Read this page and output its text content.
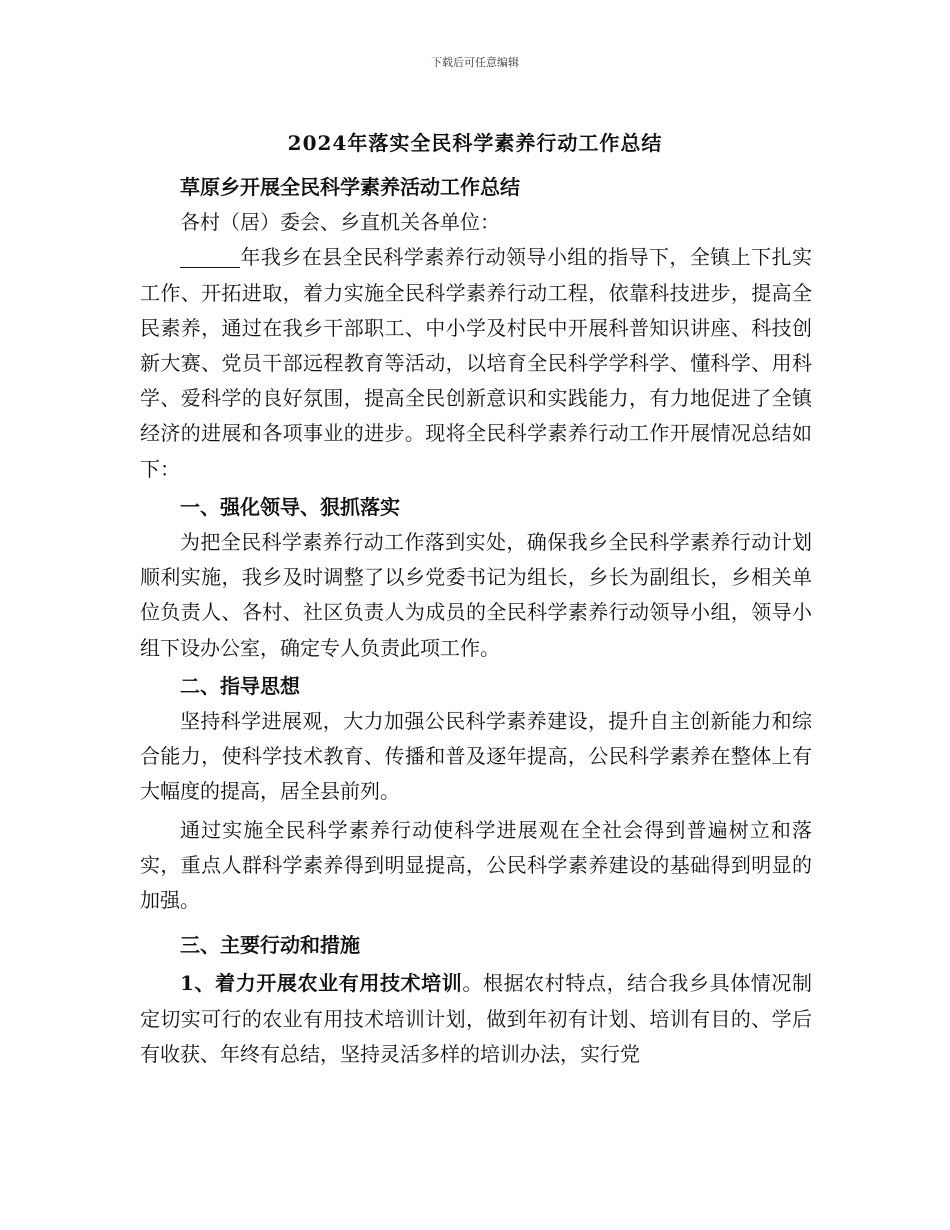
下载后可任意编辑
2024年落实全民科学素养行动工作总结

草原乡开展全民科学素养活动工作总结

各村（居）委会、乡直机关各单位：

年我乡在县全民科学素养行动领导小组的指导下，全镇上下扎实工作、开拓进取，着力实施全民科学素养行动工程，依靠科技进步，提高全民素养，通过在我乡干部职工、中小学及村民中开展科普知识讲座、科技创新大赛、党员干部远程教育等活动，以培育全民科学学科学、懂科学、用科学、爱科学的良好氛围，提高全民创新意识和实践能力，有力地促进了全镇经济的进展和各项事业的进步。现将全民科学素养行动工作开展情况总结如下：

一、强化领导、狠抓落实

为把全民科学素养行动工作落到实处，确保我乡全民科学素养行动计划顺利实施，我乡及时调整了以乡党委书记为组长，乡长为副组长，乡相关单位负责人、各村、社区负责人为成员的全民科学素养行动领导小组，领导小组下设办公室，确定专人负责此项工作。

二、指导思想

坚持科学进展观，大力加强公民科学素养建设，提升自主创新能力和综合能力，使科学技术教育、传播和普及逐年提高，公民科学素养在整体上有大幅度的提高，居全县前列。

通过实施全民科学素养行动使科学进展观在全社会得到普遍树立和落实，重点人群科学素养得到明显提高，公民科学素养建设的基础得到明显的加强。

三、主要行动和措施

1、着力开展农业有用技术培训。根据农村特点，结合我乡具体情况制定切实可行的农业有用技术培训计划，做到年初有计划、培训有目的、学后有收获、年终有总结，坚持灵活多样的培训办法，实行党
